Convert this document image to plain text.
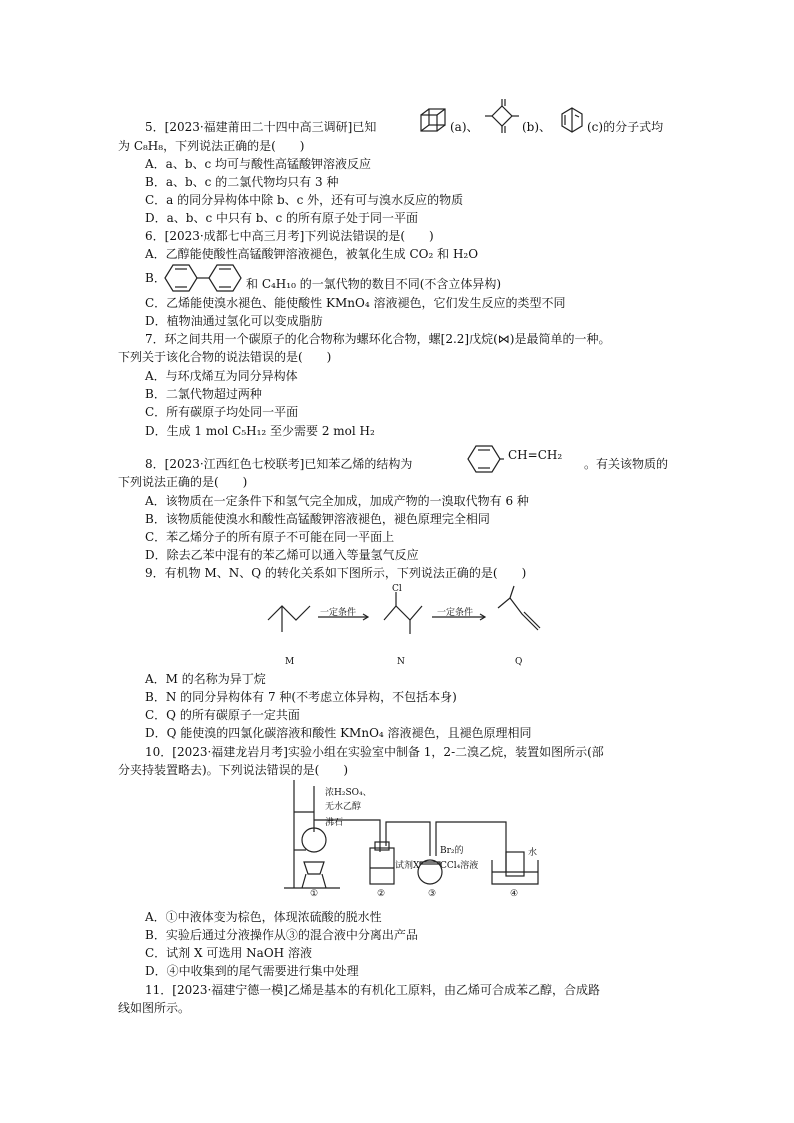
5．[2023·福建莆田二十四中高三调研]已知	(a)、	(b)、	(c)的分子式均
为 C₈H₈，下列说法正确的是(　　)
A．a、b、c 均可与酸性高锰酸钾溶液反应
B．a、b、c 的二氯代物均只有 3 种
C．a 的同分异构体中除 b、c 外，还有可与溴水反应的物质
D．a、b、c 中只有 b、c 的所有原子处于同一平面
6．[2023·成都七中高三月考]下列说法错误的是(　　)
A．乙醇能使酸性高锰酸钾溶液褪色，被氧化生成 CO₂ 和 H₂O
B．	和 C₄H₁₀ 的一氯代物的数目不同(不含立体异构)
C．乙烯能使溴水褪色、能使酸性 KMnO₄ 溶液褪色，它们发生反应的类型不同
D．植物油通过氢化可以变成脂肪
7．环之间共用一个碳原子的化合物称为螺环化合物，螺[2.2]戊烷(⋈)是最简单的一种。
下列关于该化合物的说法错误的是(　　)
A．与环戊烯互为同分异构体
B．二氯代物超过两种
C．所有碳原子均处同一平面
D．生成 1 mol C₅H₁₂ 至少需要 2 mol H₂
8．[2023·江西红色七校联考]已知苯乙烯的结构为
CH=CH₂
。有关该物质的
下列说法正确的是(　　)
A．该物质在一定条件下和氢气完全加成，加成产物的一溴取代物有 6 种
B．该物质能使溴水和酸性高锰酸钾溶液褪色，褪色原理完全相同
C．苯乙烯分子的所有原子不可能在同一平面上
D．除去乙苯中混有的苯乙烯可以通入等量氢气反应
9．有机物 M、N、Q 的转化关系如下图所示，下列说法正确的是(　　)
一定条件	一定条件
Cl
M	N	Q
A．M 的名称为异丁烷
B．N 的同分异构体有 7 种(不考虑立体异构，不包括本身)
C．Q 的所有碳原子一定共面
D．Q 能使溴的四氯化碳溶液和酸性 KMnO₄ 溶液褪色，且褪色原理相同
10．[2023·福建龙岩月考]实验小组在实验室中制备 1，2-二溴乙烷，装置如图所示(部
分夹持装置略去)。下列说法错误的是(　　)
浓H₂SO₄、
无水乙醇
沸石
试剂X
Br₂的
CCl₄溶液
水
①	②	③	④
A．①中液体变为棕色，体现浓硫酸的脱水性
B．实验后通过分液操作从③的混合液中分离出产品
C．试剂 X 可选用 NaOH 溶液
D．④中收集到的尾气需要进行集中处理
11．[2023·福建宁德一模]乙烯是基本的有机化工原料，由乙烯可合成苯乙醇，合成路
线如图所示。
